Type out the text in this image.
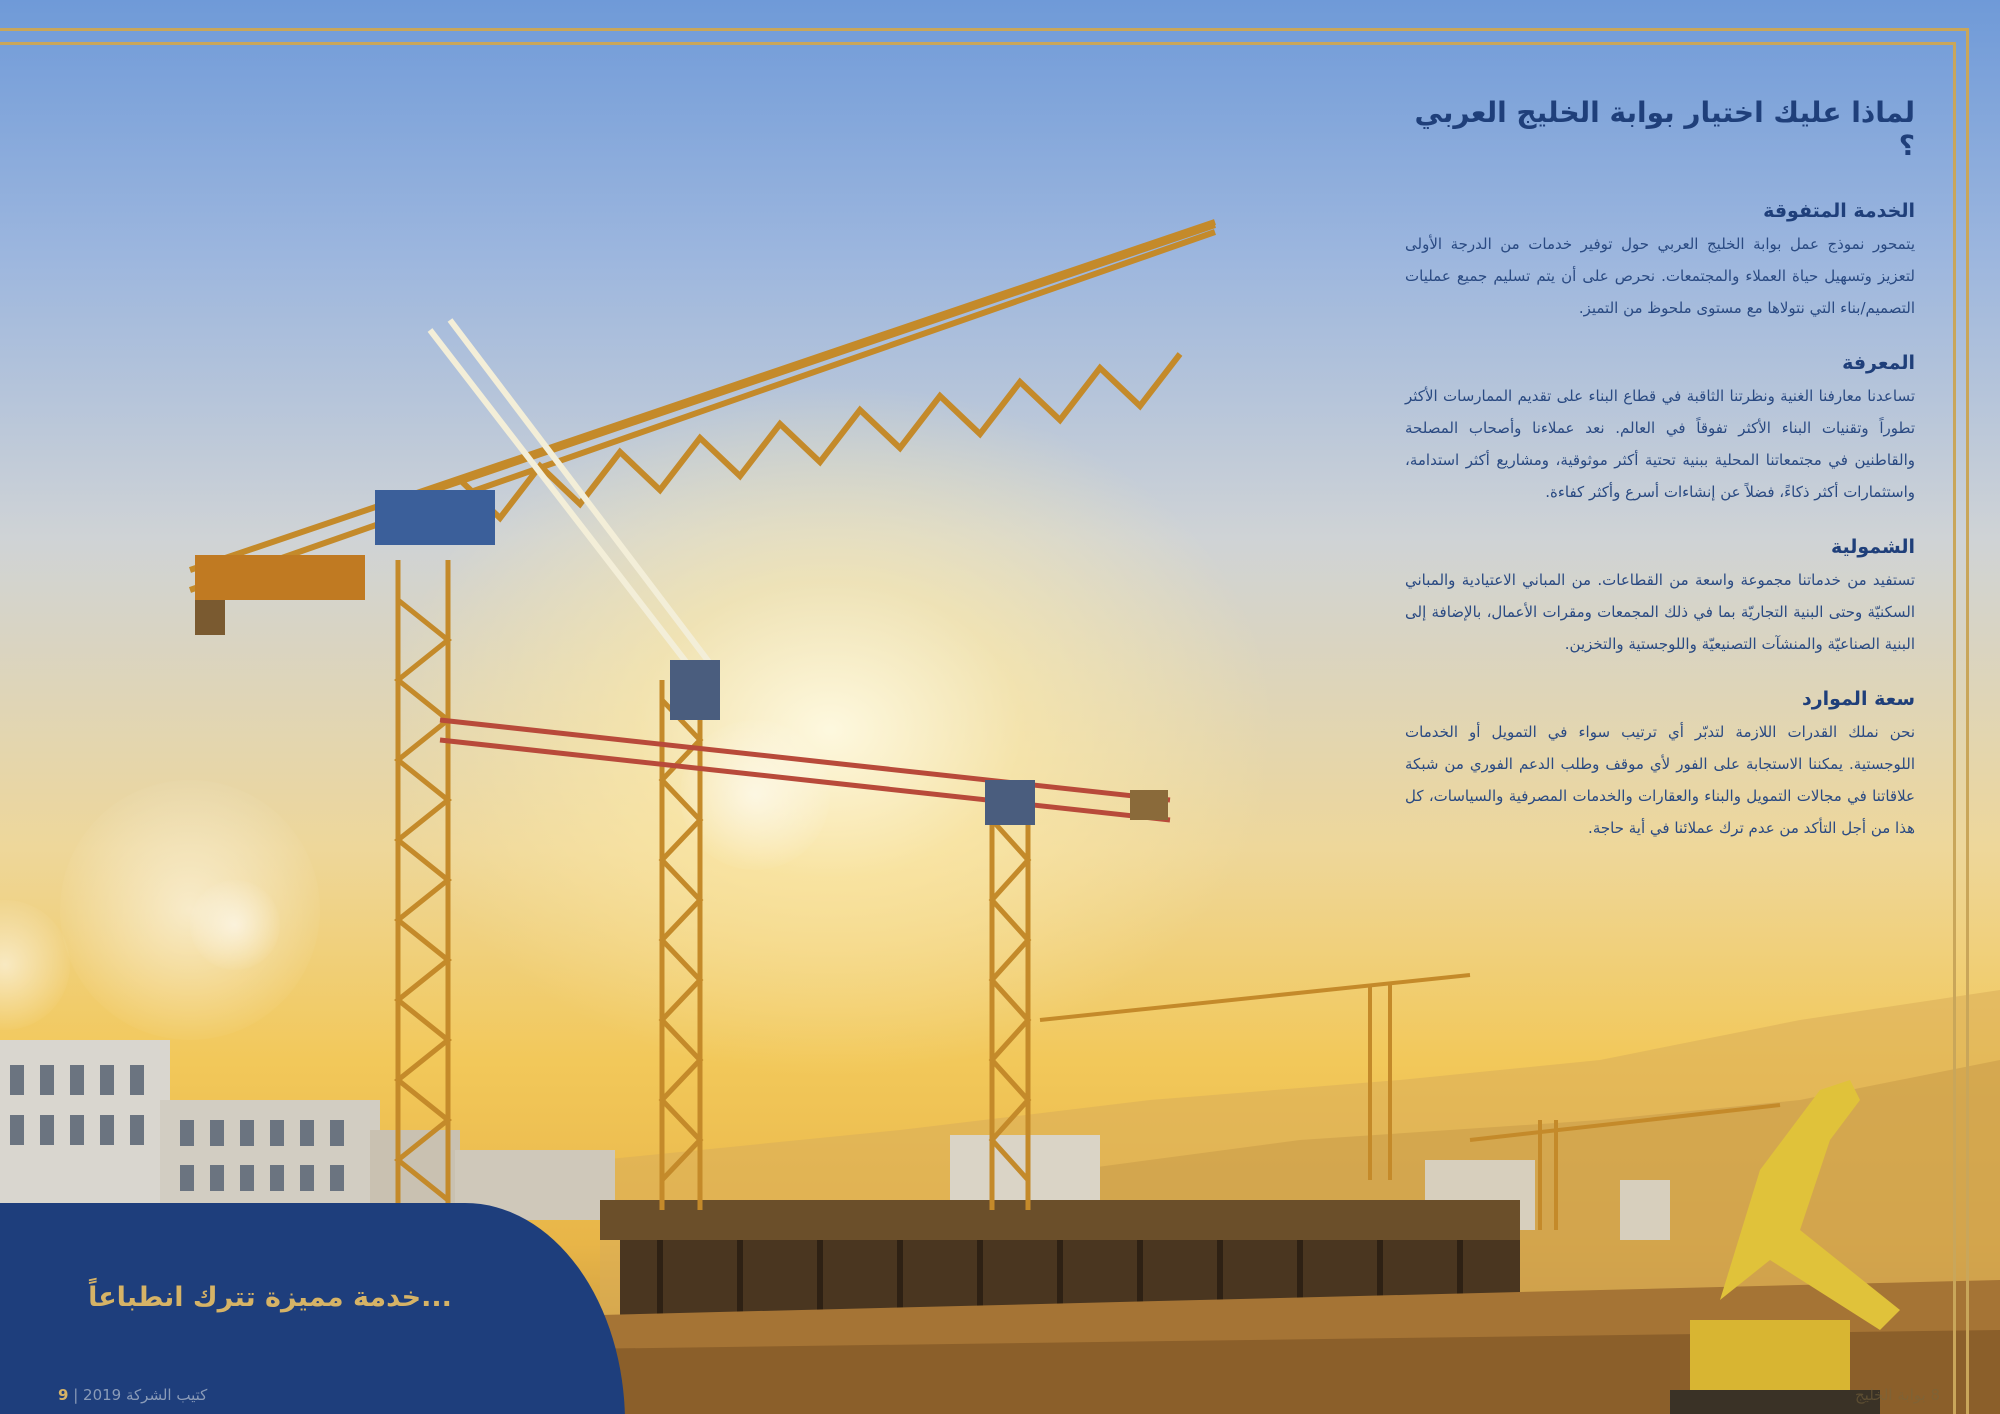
لماذا عليك اختيار بوابة الخليج العربي ؟
الخدمة المتفوقة

يتمحور نموذج عمل بوابة الخليج العربي حول توفير خدمات من الدرجة الأولى لتعزيز وتسهيل حياة العملاء والمجتمعات. نحرص على أن يتم تسليم جميع عمليات التصميم/بناء التي نتولاها مع مستوى ملحوظ من التميز.

المعرفة

تساعدنا معارفنا الغنية ونظرتنا الثاقبة في قطاع البناء على تقديم الممارسات الأكثر تطوراً وتقنيات البناء الأكثر تفوقاً في العالم. نعد عملاءنا وأصحاب المصلحة والقاطنين في مجتمعاتنا المحلية ببنية تحتية أكثر موثوقية، ومشاريع أكثر استدامة، واستثمارات أكثر ذكاءً، فضلاً عن إنشاءات أسرع وأكثر كفاءة.

الشمولية

تستفيد من خدماتنا مجموعة واسعة من القطاعات. من المباني الاعتيادية والمباني السكنيّة وحتى البنية التجاريّة بما في ذلك المجمعات ومقرات الأعمال، بالإضافة إلى البنية الصناعيّة والمنشآت التصنيعيّة واللوجستية والتخزين.

سعة الموارد

نحن نملك القدرات اللازمة لتدبّر أي ترتيب سواء في التمويل أو الخدمات اللوجستية. يمكننا الاستجابة على الفور لأي موقف وطلب الدعم الفوري من شبكة علاقاتنا في مجالات التمويل والبناء والعقارات والخدمات المصرفية والسياسات، كل هذا من أجل التأكد من عدم ترك عملائنا في أية حاجة.

...خدمة مميزة تترك انطباعاً
كتيب الشركة 2019 | 9	8 بوابة الخليج
